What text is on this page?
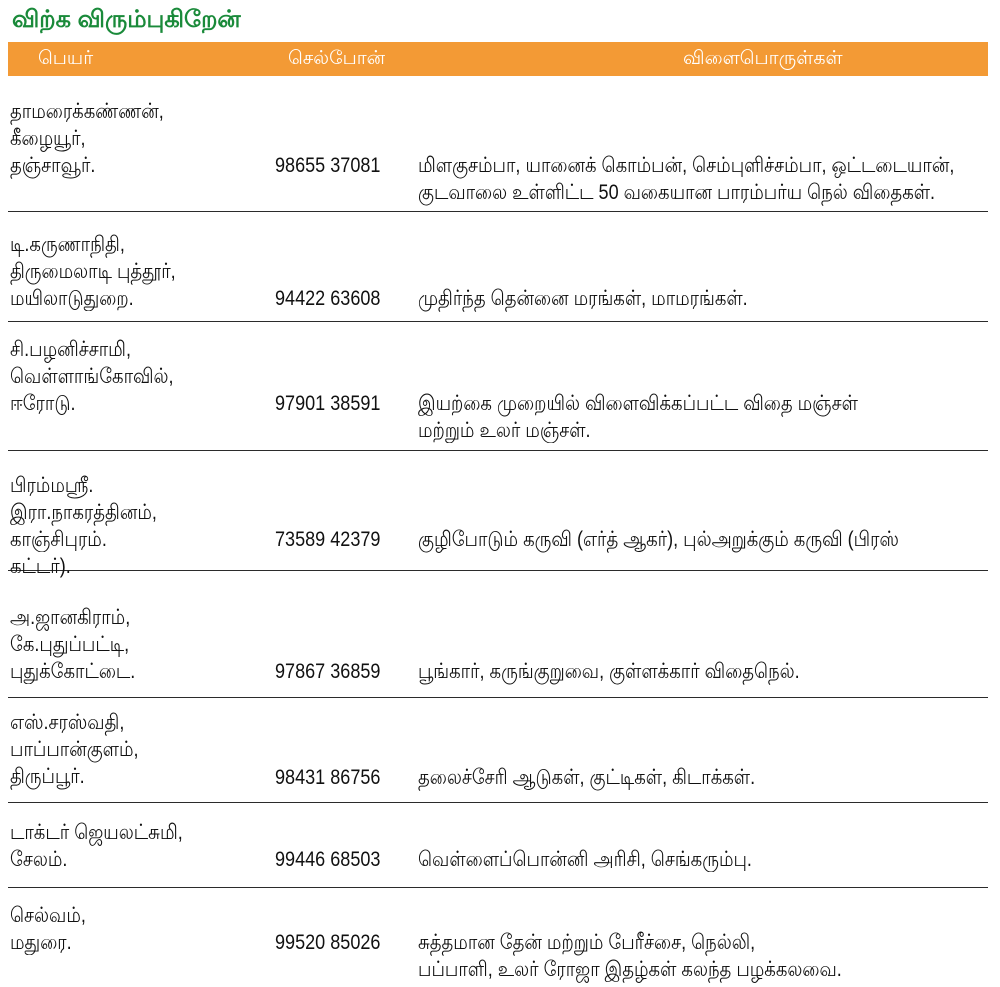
விற்க விரும்புகிறேன்
பெயர்	செல்போன்	விளைபொருள்கள்
தாமரைக்கண்ணன்,
கீழையூர்,
தஞ்சாவூர்.	98655 37081 மிளகுசம்பா, யானைக் கொம்பன், செம்புளிச்சம்பா, ஒட்டடையான்,
குடவாலை உள்ளிட்ட 50 வகையான பாரம்பர்ய நெல் விதைகள்.
டி.கருணாநிதி,
திருமைலாடி புத்தூர்,
மயிலாடுதுறை.	94422 63608 முதிர்ந்த தென்னை மரங்கள், மாமரங்கள்.
சி.பழனிச்சாமி,
வெள்ளாங்கோவில்,
ஈரோடு.	97901 38591 இயற்கை முறையில் விளைவிக்கப்பட்ட விதை மஞ்சள்
மற்றும் உலர் மஞ்சள்.
பிரம்மஸ்ரீ.
இரா.நாகரத்தினம்,
காஞ்சிபுரம்.	73589 42379 குழிபோடும் கருவி (எர்த் ஆகர்), புல்அறுக்கும் கருவி (பிரஸ்
கட்டர்).
அ.ஜானகிராம்,
கே.புதுப்பட்டி,
புதுக்கோட்டை.	97867 36859 பூங்கார், கருங்குறுவை, குள்ளக்கார் விதைநெல்.
எஸ்.சரஸ்வதி,
பாப்பான்குளம்,
திருப்பூர்.	98431 86756 தலைச்சேரி ஆடுகள், குட்டிகள், கிடாக்கள்.
டாக்டர் ஜெயலட்சுமி,
சேலம்.	99446 68503 வெள்ளைப்பொன்னி அரிசி, செங்கரும்பு.
செல்வம்,
மதுரை.	99520 85026 சுத்தமான தேன் மற்றும் பேரீச்சை, நெல்லி,
பப்பாளி, உலர் ரோஜா இதழ்கள் கலந்த பழக்கலவை.
